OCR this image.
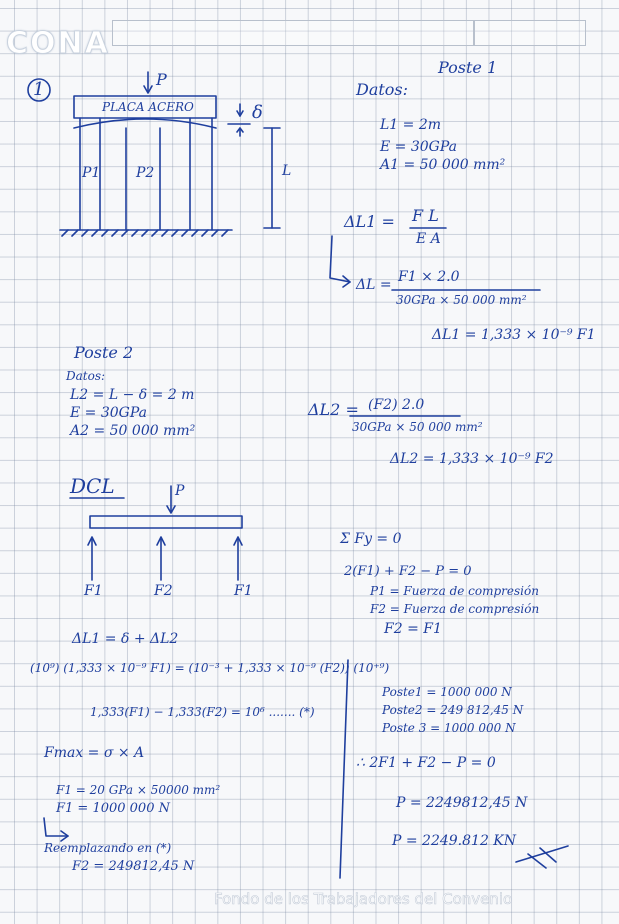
CONA
1	P
PLACA ACERO	δ
P1	P2	L
Poste 1
Datos:
L1 = 2m
E = 30GPa
A1 = 50 000 mm²
ΔL1 = F L
E A
ΔL = F1 × 2.0
30GPa × 50 000 mm²
ΔL1 = 1,333 × 10⁻⁹ F1
Poste 2
Datos:
L2 = L − δ = 2 m
E = 30GPa
A2 = 50 000 mm²
ΔL2 = (F2) 2.0
30GPa × 50 000 mm²
ΔL2 = 1,333 × 10⁻⁹ F2
DCL	P
F1	F2	F1
Σ Fy = 0
2(F1) + F2 − P = 0
P1 = Fuerza de compresión
F2 = Fuerza de compresión
F2 = F1
ΔL1 = δ + ΔL2
(10⁹) (1,333 × 10⁻⁹ F1) = (10⁻³ + 1,333 × 10⁻⁹ (F2)) (10⁺⁹)
1,333(F1) − 1,333(F2) = 10⁶ ....... (*)
Fmax = σ × A
F1 = 20 GPa × 50000 mm²
F1 = 1000 000 N
Reemplazando en (*)
F2 = 249812,45 N
Poste1 = 1000 000 N
Poste2 = 249 812,45 N
Poste 3 = 1000 000 N
∴ 2F1 + F2 − P = 0
P = 2249812,45 N
P = 2249.812 KN
Fondo de los Trabajadores del Convenio
